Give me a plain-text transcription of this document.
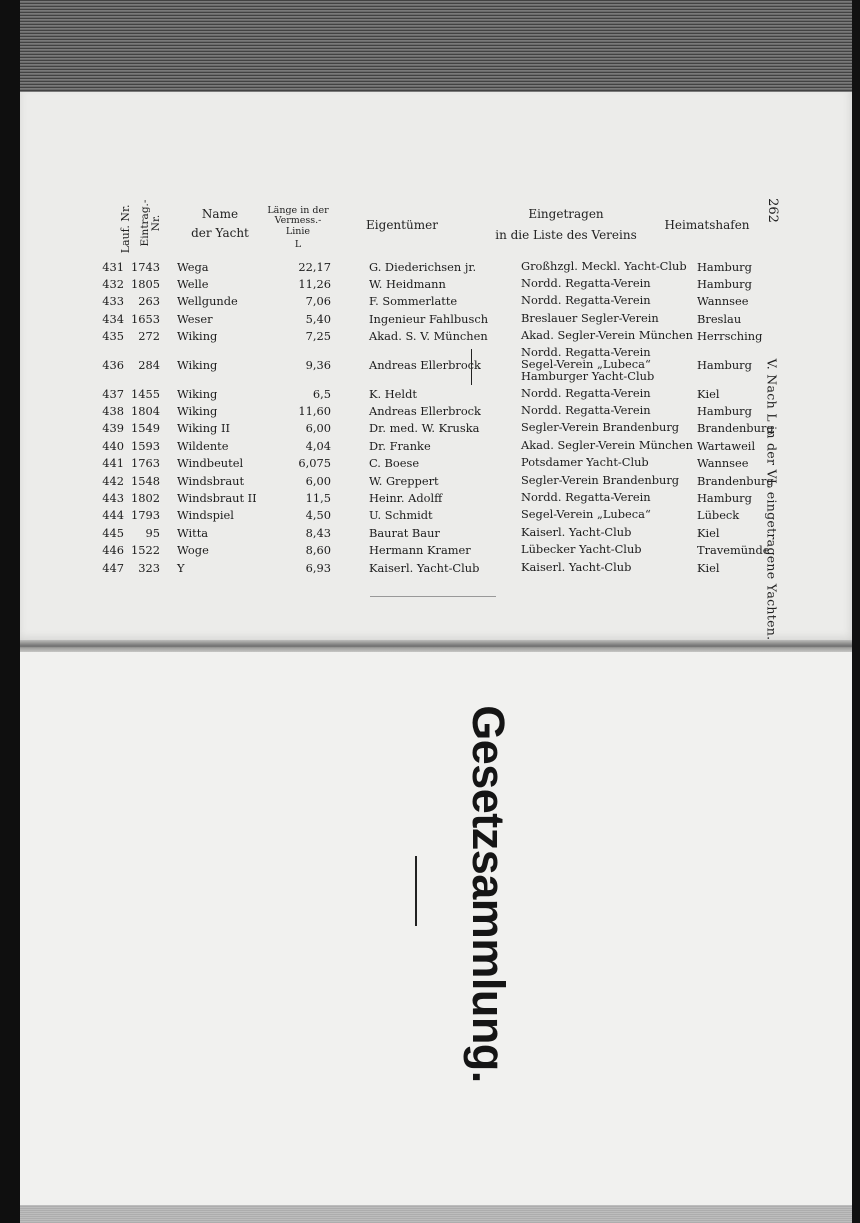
Lauf. Nr. Eintrag.- Nr.
Name
der Yacht
Länge in der
Vermess.-
Linie
L
Eigentümer
Eingetragen
in die Liste des Vereins
Heimatshafen
431	1743	Wega	22,17	G. Diederichsen jr.	Großhzgl. Meckl. Yacht-Club	Hamburg
432	1805	Welle	11,26	W. Heidmann	Nordd. Regatta-Verein	Hamburg
433	263	Wellgunde	7,06	F. Sommerlatte	Nordd. Regatta-Verein	Wannsee
434	1653	Weser	5,40	Ingenieur Fahlbusch	Breslauer Segler-Verein	Breslau
435	272	Wiking	7,25	Akad. S. V. München	Akad. Segler-Verein München	Herrsching
436	284	Wiking	9,36	Andreas Ellerbrock	Nordd. Regatta-Verein
Segel-Verein „Lubeca“
Hamburger Yacht-Club	Hamburg
437	1455	Wiking	6,5	K. Heldt	Nordd. Regatta-Verein	Kiel
438	1804	Wiking	11,60	Andreas Ellerbrock	Nordd. Regatta-Verein	Hamburg
439	1549	Wiking II	6,00	Dr. med. W. Kruska	Segler-Verein Brandenburg	Brandenburg
440	1593	Wildente	4,04	Dr. Franke	Akad. Segler-Verein München	Wartaweil
441	1763	Windbeutel	6,075	C. Boese	Potsdamer Yacht-Club	Wannsee
442	1548	Windsbraut	6,00	W. Greppert	Segler-Verein Brandenburg	Brandenburg
443	1802	Windsbraut II	11,5	Heinr. Adolff	Nordd. Regatta-Verein	Hamburg
444	1793	Windspiel	4,50	U. Schmidt	Segel-Verein „Lubeca“	Lübeck
445	95	Witta	8,43	Baurat Baur	Kaiserl. Yacht-Club	Kiel
446	1522	Woge	8,60	Hermann Kramer	Lübecker Yacht-Club	Travemünde
447	323	Y	6,93	Kaiserl. Yacht-Club	Kaiserl. Yacht-Club	Kiel
262
V. Nach L in der VL eingetragene Yachten.
Gesetzsammlung.
